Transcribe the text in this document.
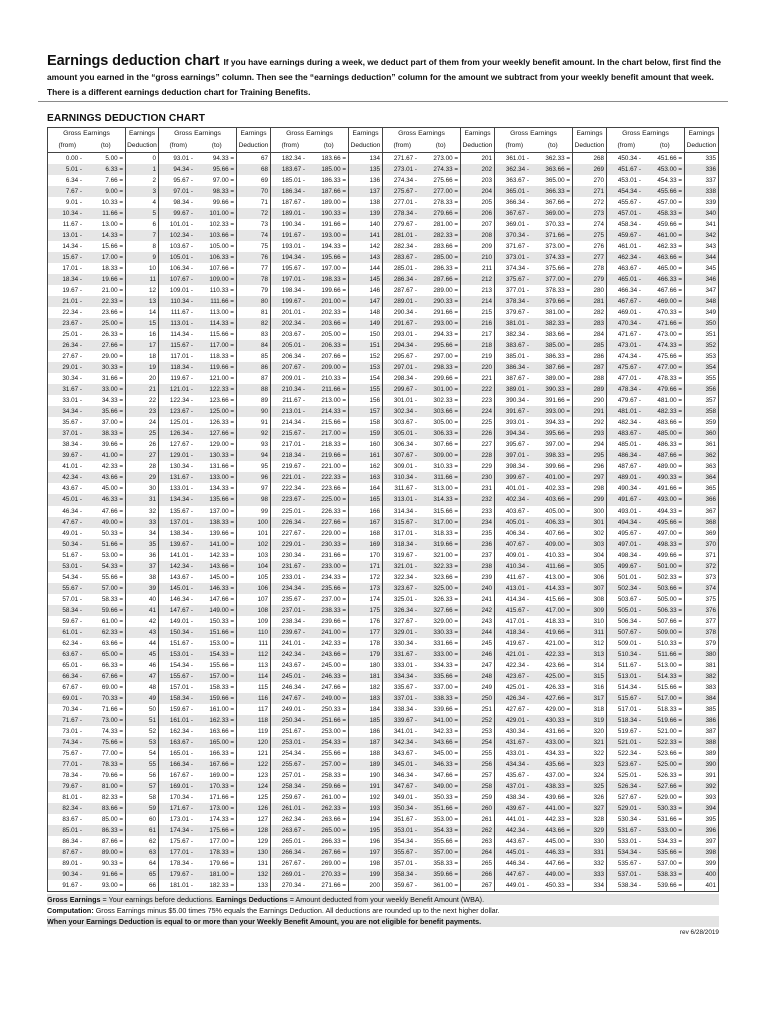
Earnings deduction chart If you have earnings during a week, we deduct part of them from your weekly benefit amount. In the chart below, first find the amount you earned in the “gross earnings” column. Then see the “earnings deduction” column for the amount we subtract from your weekly benefit amount that week. There is a different earnings deduction chart for Training Benefits.
EARNINGS DEDUCTION CHART
Gross Earnings
(from)	(to)
Earnings
Deduction
0.00 -	5.00 =	0
5.01 -	6.33 =	1
6.34 -	7.66 =	2
7.67 -	9.00 =	3
9.01 -	10.33 =	4
10.34 -	11.66 =	5
11.67 -	13.00 =	6
13.01 -	14.33 =	7
14.34 -	15.66 =	8
15.67 -	17.00 =	9
17.01 -	18.33 =	10
18.34 -	19.66 =	11
19.67 -	21.00 =	12
21.01 -	22.33 =	13
22.34 -	23.66 =	14
23.67 -	25.00 =	15
25.01 -	26.33 =	16
26.34 -	27.66 =	17
27.67 -	29.00 =	18
29.01 -	30.33 =	19
30.34 -	31.66 =	20
31.67 -	33.00 =	21
33.01 -	34.33 =	22
34.34 -	35.66 =	23
35.67 -	37.00 =	24
37.01 -	38.33 =	25
38.34 -	39.66 =	26
39.67 -	41.00 =	27
41.01 -	42.33 =	28
42.34 -	43.66 =	29
43.67 -	45.00 =	30
45.01 -	46.33 =	31
46.34 -	47.66 =	32
47.67 -	49.00 =	33
49.01 -	50.33 =	34
50.34 -	51.66 =	35
51.67 -	53.00 =	36
53.01 -	54.33 =	37
54.34 -	55.66 =	38
55.67 -	57.00 =	39
57.01 -	58.33 =	40
58.34 -	59.66 =	41
59.67 -	61.00 =	42
61.01 -	62.33 =	43
62.34 -	63.66 =	44
63.67 -	65.00 =	45
65.01 -	66.33 =	46
66.34 -	67.66 =	47
67.67 -	69.00 =	48
69.01 -	70.33 =	49
70.34 -	71.66 =	50
71.67 -	73.00 =	51
73.01 -	74.33 =	52
74.34 -	75.66 =	53
75.67 -	77.00 =	54
77.01 -	78.33 =	55
78.34 -	79.66 =	56
79.67 -	81.00 =	57
81.01 -	82.33 =	58
82.34 -	83.66 =	59
83.67 -	85.00 =	60
85.01 -	86.33 =	61
86.34 -	87.66 =	62
87.67 -	89.00 =	63
89.01 -	90.33 =	64
90.34 -	91.66 =	65
91.67 -	93.00 =	66
Gross Earnings
(from)	(to)
Earnings
Deduction
93.01 -	94.33 =	67
94.34 -	95.66 =	68
95.67 -	97.00 =	69
97.01 -	98.33 =	70
98.34 -	99.66 =	71
99.67 -	101.00 =	72
101.01 -	102.33 =	73
102.34 -	103.66 =	74
103.67 -	105.00 =	75
105.01 -	106.33 =	76
106.34 -	107.66 =	77
107.67 -	109.00 =	78
109.01 -	110.33 =	79
110.34 -	111.66 =	80
111.67 -	113.00 =	81
113.01 -	114.33 =	82
114.34 -	115.66 =	83
115.67 -	117.00 =	84
117.01 -	118.33 =	85
118.34 -	119.66 =	86
119.67 -	121.00 =	87
121.01 -	122.33 =	88
122.34 -	123.66 =	89
123.67 -	125.00 =	90
125.01 -	126.33 =	91
126.34 -	127.66 =	92
127.67 -	129.00 =	93
129.01 -	130.33 =	94
130.34 -	131.66 =	95
131.67 -	133.00 =	96
133.01 -	134.33 =	97
134.34 -	135.66 =	98
135.67 -	137.00 =	99
137.01 -	138.33 =	100
138.34 -	139.66 =	101
139.67 -	141.00 =	102
141.01 -	142.33 =	103
142.34 -	143.66 =	104
143.67 -	145.00 =	105
145.01 -	146.33 =	106
146.34 -	147.66 =	107
147.67 -	149.00 =	108
149.01 -	150.33 =	109
150.34 -	151.66 =	110
151.67 -	153.00 =	111
153.01 -	154.33 =	112
154.34 -	155.66 =	113
155.67 -	157.00 =	114
157.01 -	158.33 =	115
158.34 -	159.66 =	116
159.67 -	161.00 =	117
161.01 -	162.33 =	118
162.34 -	163.66 =	119
163.67 -	165.00 =	120
165.01 -	166.33 =	121
166.34 -	167.66 =	122
167.67 -	169.00 =	123
169.01 -	170.33 =	124
170.34 -	171.66 =	125
171.67 -	173.00 =	126
173.01 -	174.33 =	127
174.34 -	175.66 =	128
175.67 -	177.00 =	129
177.01 -	178.33 =	130
178.34 -	179.66 =	131
179.67 -	181.00 =	132
181.01 -	182.33 =	133
Gross Earnings
(from)	(to)
Earnings
Deduction
182.34 -	183.66 =	134
183.67 -	185.00 =	135
185.01 -	186.33 =	136
186.34 -	187.66 =	137
187.67 -	189.00 =	138
189.01 -	190.33 =	139
190.34 -	191.66 =	140
191.67 -	193.00 =	141
193.01 -	194.33 =	142
194.34 -	195.66 =	143
195.67 -	197.00 =	144
197.01 -	198.33 =	145
198.34 -	199.66 =	146
199.67 -	201.00 =	147
201.01 -	202.33 =	148
202.34 -	203.66 =	149
203.67 -	205.00 =	150
205.01 -	206.33 =	151
206.34 -	207.66 =	152
207.67 -	209.00 =	153
209.01 -	210.33 =	154
210.34 -	211.66 =	155
211.67 -	213.00 =	156
213.01 -	214.33 =	157
214.34 -	215.66 =	158
215.67 -	217.00 =	159
217.01 -	218.33 =	160
218.34 -	219.66 =	161
219.67 -	221.00 =	162
221.01 -	222.33 =	163
222.34 -	223.66 =	164
223.67 -	225.00 =	165
225.01 -	226.33 =	166
226.34 -	227.66 =	167
227.67 -	229.00 =	168
229.01 -	230.33 =	169
230.34 -	231.66 =	170
231.67 -	233.00 =	171
233.01 -	234.33 =	172
234.34 -	235.66 =	173
235.67 -	237.00 =	174
237.01 -	238.33 =	175
238.34 -	239.66 =	176
239.67 -	241.00 =	177
241.01 -	242.33 =	178
242.34 -	243.66 =	179
243.67 -	245.00 =	180
245.01 -	246.33 =	181
246.34 -	247.66 =	182
247.67 -	249.00 =	183
249.01 -	250.33 =	184
250.34 -	251.66 =	185
251.67 -	253.00 =	186
253.01 -	254.33 =	187
254.34 -	255.66 =	188
255.67 -	257.00 =	189
257.01 -	258.33 =	190
258.34 -	259.66 =	191
259.67 -	261.00 =	192
261.01 -	262.33 =	193
262.34 -	263.66 =	194
263.67 -	265.00 =	195
265.01 -	266.33 =	196
266.34 -	267.66 =	197
267.67 -	269.00 =	198
269.01 -	270.33 =	199
270.34 -	271.66 =	200
Gross Earnings
(from)	(to)
Earnings
Deduction
271.67 -	273.00 =	201
273.01 -	274.33 =	202
274.34 -	275.66 =	203
275.67 -	277.00 =	204
277.01 -	278.33 =	205
278.34 -	279.66 =	206
279.67 -	281.00 =	207
281.01 -	282.33 =	208
282.34 -	283.66 =	209
283.67 -	285.00 =	210
285.01 -	286.33 =	211
286.34 -	287.66 =	212
287.67 -	289.00 =	213
289.01 -	290.33 =	214
290.34 -	291.66 =	215
291.67 -	293.00 =	216
293.01 -	294.33 =	217
294.34 -	295.66 =	218
295.67 -	297.00 =	219
297.01 -	298.33 =	220
298.34 -	299.66 =	221
299.67 -	301.00 =	222
301.01 -	302.33 =	223
302.34 -	303.66 =	224
303.67 -	305.00 =	225
305.01 -	306.33 =	226
306.34 -	307.66 =	227
307.67 -	309.00 =	228
309.01 -	310.33 =	229
310.34 -	311.66 =	230
311.67 -	313.00 =	231
313.01 -	314.33 =	232
314.34 -	315.66 =	233
315.67 -	317.00 =	234
317.01 -	318.33 =	235
318.34 -	319.66 =	236
319.67 -	321.00 =	237
321.01 -	322.33 =	238
322.34 -	323.66 =	239
323.67 -	325.00 =	240
325.01 -	326.33 =	241
326.34 -	327.66 =	242
327.67 -	329.00 =	243
329.01 -	330.33 =	244
330.34 -	331.66 =	245
331.67 -	333.00 =	246
333.01 -	334.33 =	247
334.34 -	335.66 =	248
335.67 -	337.00 =	249
337.01 -	338.33 =	250
338.34 -	339.66 =	251
339.67 -	341.00 =	252
341.01 -	342.33 =	253
342.34 -	343.66 =	254
343.67 -	345.00 =	255
345.01 -	346.33 =	256
346.34 -	347.66 =	257
347.67 -	349.00 =	258
349.01 -	350.33 =	259
350.34 -	351.66 =	260
351.67 -	353.00 =	261
353.01 -	354.33 =	262
354.34 -	355.66 =	263
355.67 -	357.00 =	264
357.01 -	358.33 =	265
358.34 -	359.66 =	266
359.67 -	361.00 =	267
Gross Earnings
(from)	(to)
Earnings
Deduction
361.01 -	362.33 =	268
362.34 -	363.66 =	269
363.67 -	365.00 =	270
365.01 -	366.33 =	271
366.34 -	367.66 =	272
367.67 -	369.00 =	273
369.01 -	370.33 =	274
370.34 -	371.66 =	275
371.67 -	373.00 =	276
373.01 -	374.33 =	277
374.34 -	375.66 =	278
375.67 -	377.00 =	279
377.01 -	378.33 =	280
378.34 -	379.66 =	281
379.67 -	381.00 =	282
381.01 -	382.33 =	283
382.34 -	383.66 =	284
383.67 -	385.00 =	285
385.01 -	386.33 =	286
386.34 -	387.66 =	287
387.67 -	389.00 =	288
389.01 -	390.33 =	289
390.34 -	391.66 =	290
391.67 -	393.00 =	291
393.01 -	394.33 =	292
394.34 -	395.66 =	293
395.67 -	397.00 =	294
397.01 -	398.33 =	295
398.34 -	399.66 =	296
399.67 -	401.00 =	297
401.01 -	402.33 =	298
402.34 -	403.66 =	299
403.67 -	405.00 =	300
405.01 -	406.33 =	301
406.34 -	407.66 =	302
407.67 -	409.00 =	303
409.01 -	410.33 =	304
410.34 -	411.66 =	305
411.67 -	413.00 =	306
413.01 -	414.33 =	307
414.34 -	415.66 =	308
415.67 -	417.00 =	309
417.01 -	418.33 =	310
418.34 -	419.66 =	311
419.67 -	421.00 =	312
421.01 -	422.33 =	313
422.34 -	423.66 =	314
423.67 -	425.00 =	315
425.01 -	426.33 =	316
426.34 -	427.66 =	317
427.67 -	429.00 =	318
429.01 -	430.33 =	319
430.34 -	431.66 =	320
431.67 -	433.00 =	321
433.01 -	434.33 =	322
434.34 -	435.66 =	323
435.67 -	437.00 =	324
437.01 -	438.33 =	325
438.34 -	439.66 =	326
439.67 -	441.00 =	327
441.01 -	442.33 =	328
442.34 -	443.66 =	329
443.67 -	445.00 =	330
445.01 -	446.33 =	331
446.34 -	447.66 =	332
447.67 -	449.00 =	333
449.01 -	450.33 =	334
Gross Earnings
(from)	(to)
Earnings
Deduction
450.34 -	451.66 =	335
451.67 -	453.00 =	336
453.01 -	454.33 =	337
454.34 -	455.66 =	338
455.67 -	457.00 =	339
457.01 -	458.33 =	340
458.34 -	459.66 =	341
459.67 -	461.00 =	342
461.01 -	462.33 =	343
462.34 -	463.66 =	344
463.67 -	465.00 =	345
465.01 -	466.33 =	346
466.34 -	467.66 =	347
467.67 -	469.00 =	348
469.01 -	470.33 =	349
470.34 -	471.66 =	350
471.67 -	473.00 =	351
473.01 -	474.33 =	352
474.34 -	475.66 =	353
475.67 -	477.00 =	354
477.01 -	478.33 =	355
478.34 -	479.66 =	356
479.67 -	481.00 =	357
481.01 -	482.33 =	358
482.34 -	483.66 =	359
483.67 -	485.00 =	360
485.01 -	486.33 =	361
486.34 -	487.66 =	362
487.67 -	489.00 =	363
489.01 -	490.33 =	364
490.34 -	491.66 =	365
491.67 -	493.00 =	366
493.01 -	494.33 =	367
494.34 -	495.66 =	368
495.67 -	497.00 =	369
497.01 -	498.33 =	370
498.34 -	499.66 =	371
499.67 -	501.00 =	372
501.01 -	502.33 =	373
502.34 -	503.66 =	374
503.67 -	505.00 =	375
505.01 -	506.33 =	376
506.34 -	507.66 =	377
507.67 -	509.00 =	378
509.01 -	510.33 =	379
510.34 -	511.66 =	380
511.67 -	513.00 =	381
513.01 -	514.33 =	382
514.34 -	515.66 =	383
515.67 -	517.00 =	384
517.01 -	518.33 =	385
518.34 -	519.66 =	386
519.67 -	521.00 =	387
521.01 -	522.33 =	388
522.34 -	523.66 =	389
523.67 -	525.00 =	390
525.01 -	526.33 =	391
526.34 -	527.66 =	392
527.67 -	529.00 =	393
529.01 -	530.33 =	394
530.34 -	531.66 =	395
531.67 -	533.00 =	396
533.01 -	534.33 =	397
534.34 -	535.66 =	398
535.67 -	537.00 =	399
537.01 -	538.33 =	400
538.34 -	539.66 =	401
Gross Earnings = Your earnings before deductions. Earnings Deductions = Amount deducted from your weekly Benefit Amount (WBA).
Computation: Gross Earnings minus $5.00 times 75% equals the Earnings Deduction. All deductions are rounded up to the next higher dollar.
When your Earnings Deduction is equal to or more than your Weekly Benefit Amount, you are not eligible for benefit payments.
rev 6/28/2019
